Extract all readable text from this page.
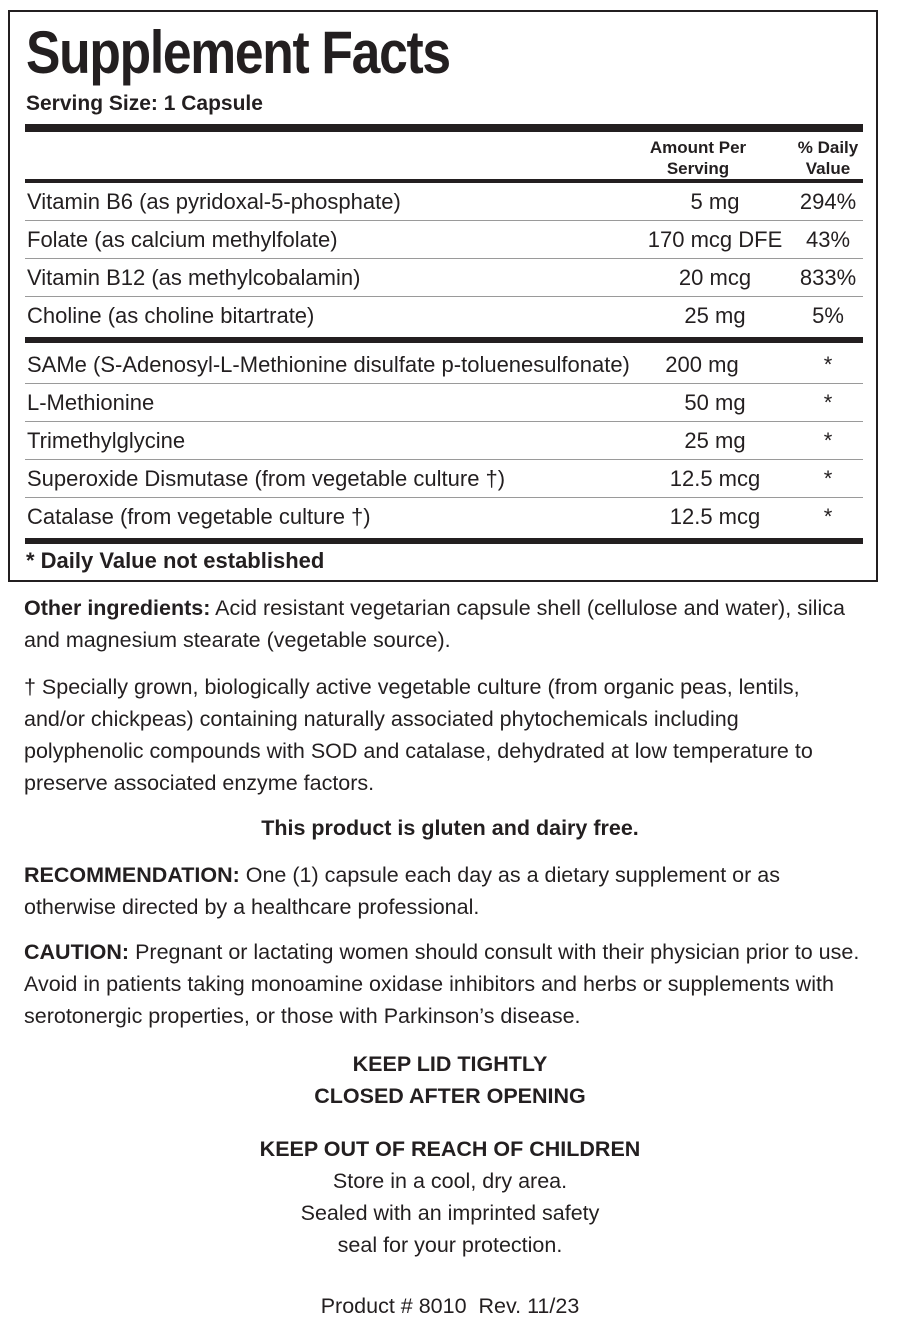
Supplement Facts
Serving Size: 1 Capsule
Amount Per
Serving
% Daily
Value
Vitamin B6 (as pyridoxal-5-phosphate)	5 mg	294%
Folate (as calcium methylfolate)	170 mcg DFE	43%
Vitamin B12 (as methylcobalamin)	20 mcg	833%
Choline (as choline bitartrate)	25 mg	5%
SAMe (S-Adenosyl-L-Methionine disulfate p-toluenesulfonate)	200 mg	*
L-Methionine	50 mg	*
Trimethylglycine	25 mg	*
Superoxide Dismutase (from vegetable culture †)	12.5 mcg	*
Catalase (from vegetable culture †)	12.5 mcg	*
* Daily Value not established
Other ingredients: Acid resistant vegetarian capsule shell (cellulose and water), silica and magnesium stearate (vegetable source).
† Specially grown, biologically active vegetable culture (from organic peas, lentils, and/or chickpeas) containing naturally associated phytochemicals including polyphenolic compounds with SOD and catalase, dehydrated at low temperature to preserve associated enzyme factors.
This product is gluten and dairy free.
RECOMMENDATION: One (1) capsule each day as a dietary supplement or as otherwise directed by a healthcare professional.
CAUTION: Pregnant or lactating women should consult with their physician prior to use. Avoid in patients taking monoamine oxidase inhibitors and herbs or supplements with serotonergic properties, or those with Parkinson’s disease.
KEEP LID TIGHTLY
CLOSED AFTER OPENING
KEEP OUT OF REACH OF CHILDREN
Store in a cool, dry area.
Sealed with an imprinted safety
seal for your protection.
Product # 8010  Rev. 11/23
